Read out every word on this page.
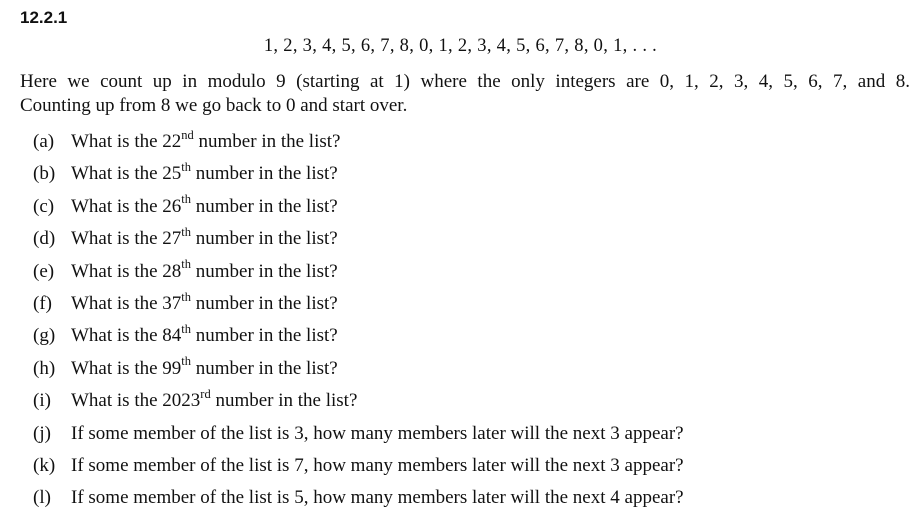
12.2.1
1, 2, 3, 4, 5, 6, 7, 8, 0, 1, 2, 3, 4, 5, 6, 7, 8, 0, 1, . . .
Here we count up in modulo 9 (starting at 1) where the only integers are 0, 1, 2, 3, 4, 5, 6, 7, and 8.
Counting up from 8 we go back to 0 and start over.
(a) What is the 22nd number in the list?
(b) What is the 25th number in the list?
(c) What is the 26th number in the list?
(d) What is the 27th number in the list?
(e) What is the 28th number in the list?
(f) What is the 37th number in the list?
(g) What is the 84th number in the list?
(h) What is the 99th number in the list?
(i) What is the 2023rd number in the list?
(j) If some member of the list is 3, how many members later will the next 3 appear?
(k) If some member of the list is 7, how many members later will the next 3 appear?
(l) If some member of the list is 5, how many members later will the next 4 appear?
